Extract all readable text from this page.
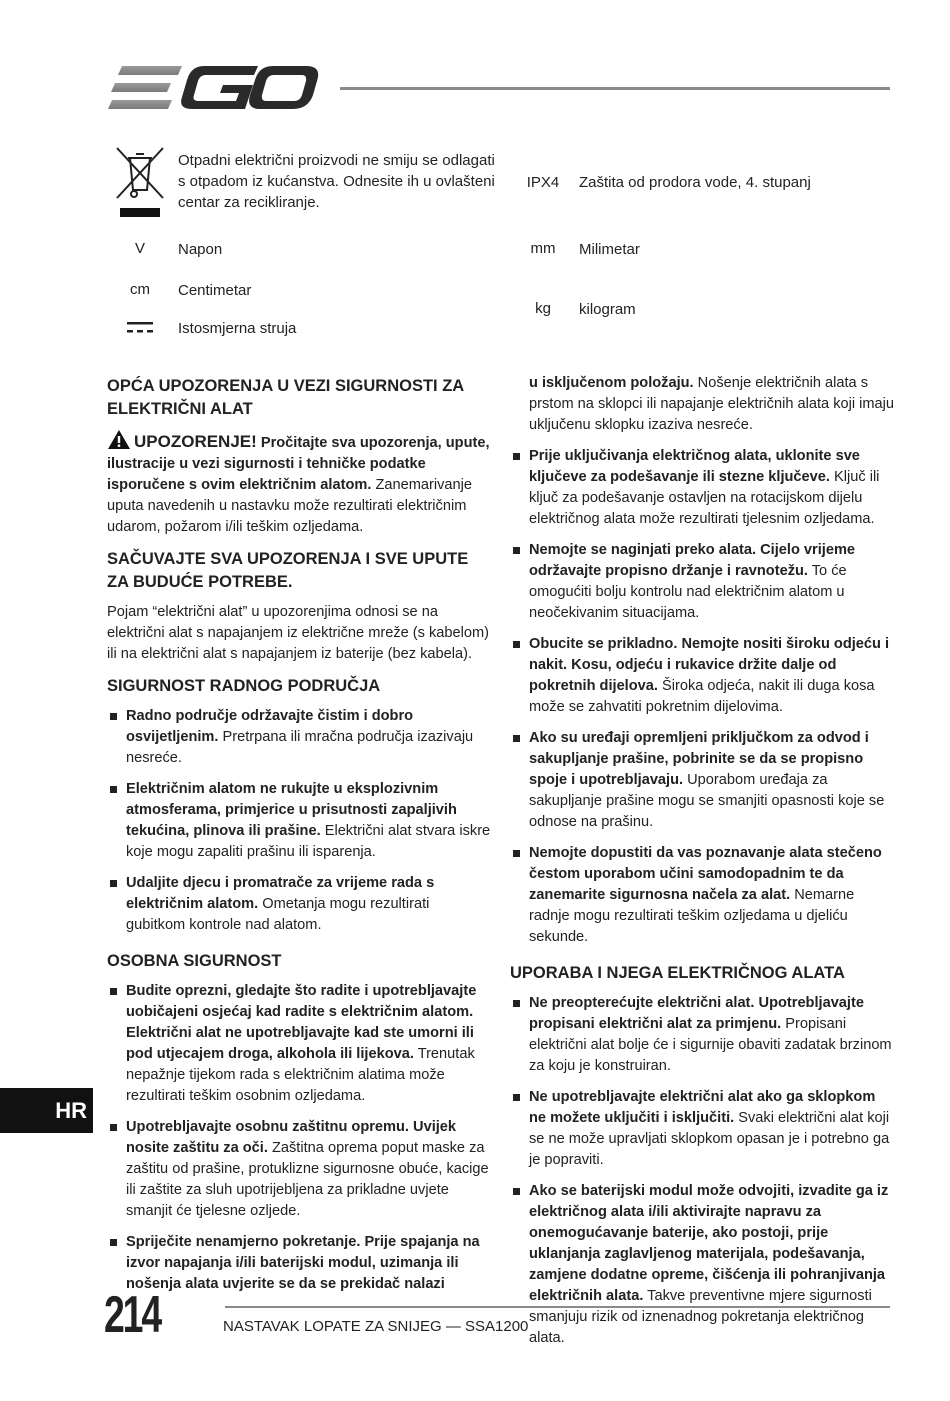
Otpadni električni proizvodi ne smiju se odlagati s otpadom iz kućanstva. Odnesite ih u ovlašteni centar za recikliranje.
V	Napon
cm	Centimetar
Istosmjerna struja
IPX4	Zaštita od prodora vode, 4. stupanj
mm	Milimetar
kg	kilogram
OPĆA UPOZORENJA U VEZI SIGURNOSTI ZA ELEKTRIČNI ALAT

UPOZORENJE! Pročitajte sva upozorenja, upute, ilustracije u vezi sigurnosti i tehničke podatke isporučene s ovim električnim alatom. Zanemarivanje uputa navedenih u nastavku može rezultirati električnim udarom, požarom i/ili teškim ozljedama.

SAČUVAJTE SVA UPOZORENJA I SVE UPUTE ZA BUDUĆE POTREBE.

Pojam “električni alat” u upozorenjima odnosi se na električni alat s napajanjem iz električne mreže (s kabelom) ili na električni alat s napajanjem iz baterije (bez kabela).

SIGURNOST RADNOG PODRUČJA
Radno područje održavajte čistim i dobro osvijetljenim. Pretrpana ili mračna područja izazivaju nesreće.
Električnim alatom ne rukujte u eksplozivnim atmosferama, primjerice u prisutnosti zapaljivih tekućina, plinova ili prašine. Električni alat stvara iskre koje mogu zapaliti prašinu ili isparenja.
Udaljite djecu i promatrače za vrijeme rada s električnim alatom. Ometanja mogu rezultirati gubitkom kontrole nad alatom.
OSOBNA SIGURNOST
Budite oprezni, gledajte što radite i upotrebljavajte uobičajeni osjećaj kad radite s električnim alatom. Električni alat ne upotrebljavajte kad ste umorni ili pod utjecajem droga, alkohola ili lijekova. Trenutak nepažnje tijekom rada s električnim alatima može rezultirati teškim osobnim ozljedama.
Upotrebljavajte osobnu zaštitnu opremu. Uvijek nosite zaštitu za oči. Zaštitna oprema poput maske za zaštitu od prašine, protuklizne sigurnosne obuće, kacige ili zaštite za sluh upotrijebljena za prikladne uvjete smanjit će tjelesne ozljede.
Spriječite nenamjerno pokretanje. Prije spajanja na izvor napajanja i/ili baterijski modul, uzimanja ili nošenja alata uvjerite se da se prekidač nalazi
u isključenom položaju. Nošenje električnih alata s prstom na sklopci ili napajanje električnih alata koji imaju uključenu sklopku izaziva nesreće.
Prije uključivanja električnog alata, uklonite sve ključeve za podešavanje ili stezne ključeve. Ključ ili ključ za podešavanje ostavljen na rotacijskom dijelu električnog alata može rezultirati tjelesnim ozljedama.
Nemojte se naginjati preko alata. Cijelo vrijeme održavajte propisno držanje i ravnotežu. To će omogućiti bolju kontrolu nad električnim alatom u neočekivanim situacijama.
Obucite se prikladno. Nemojte nositi široku odjeću i nakit. Kosu, odjeću i rukavice držite dalje od pokretnih dijelova. Široka odjeća, nakit ili duga kosa može se zahvatiti pokretnim dijelovima.
Ako su uređaji opremljeni priključkom za odvod i sakupljanje prašine, pobrinite se da se propisno spoje i upotrebljavaju. Uporabom uređaja za sakupljanje prašine mogu se smanjiti opasnosti koje se odnose na prašinu.
Nemojte dopustiti da vas poznavanje alata stečeno čestom uporabom učini samodopadnim te da zanemarite sigurnosna načela za alat. Nemarne radnje mogu rezultirati teškim ozljedama u djeliću sekunde.
UPORABA I NJEGA ELEKTRIČNOG ALATA
Ne preopterećujte električni alat. Upotrebljavajte propisani električni alat za primjenu. Propisani električni alat bolje će i sigurnije obaviti zadatak brzinom za koju je konstruiran.
Ne upotrebljavajte električni alat ako ga sklopkom ne možete uključiti i isključiti. Svaki električni alat koji se ne može upravljati sklopkom opasan je i potrebno ga je popraviti.
Ako se baterijski modul može odvojiti, izvadite ga iz električnog alata i/ili aktivirajte napravu za onemogućavanje baterije, ako postoji, prije uklanjanja zaglavljenog materijala, podešavanja, zamjene dodatne opreme, čišćenja ili pohranjivanja električnih alata. Takve preventivne mjere sigurnosti smanjuju rizik od iznenadnog pokretanja električnog alata.
HR
214	NASTAVAK LOPATE ZA SNIJEG — SSA1200
